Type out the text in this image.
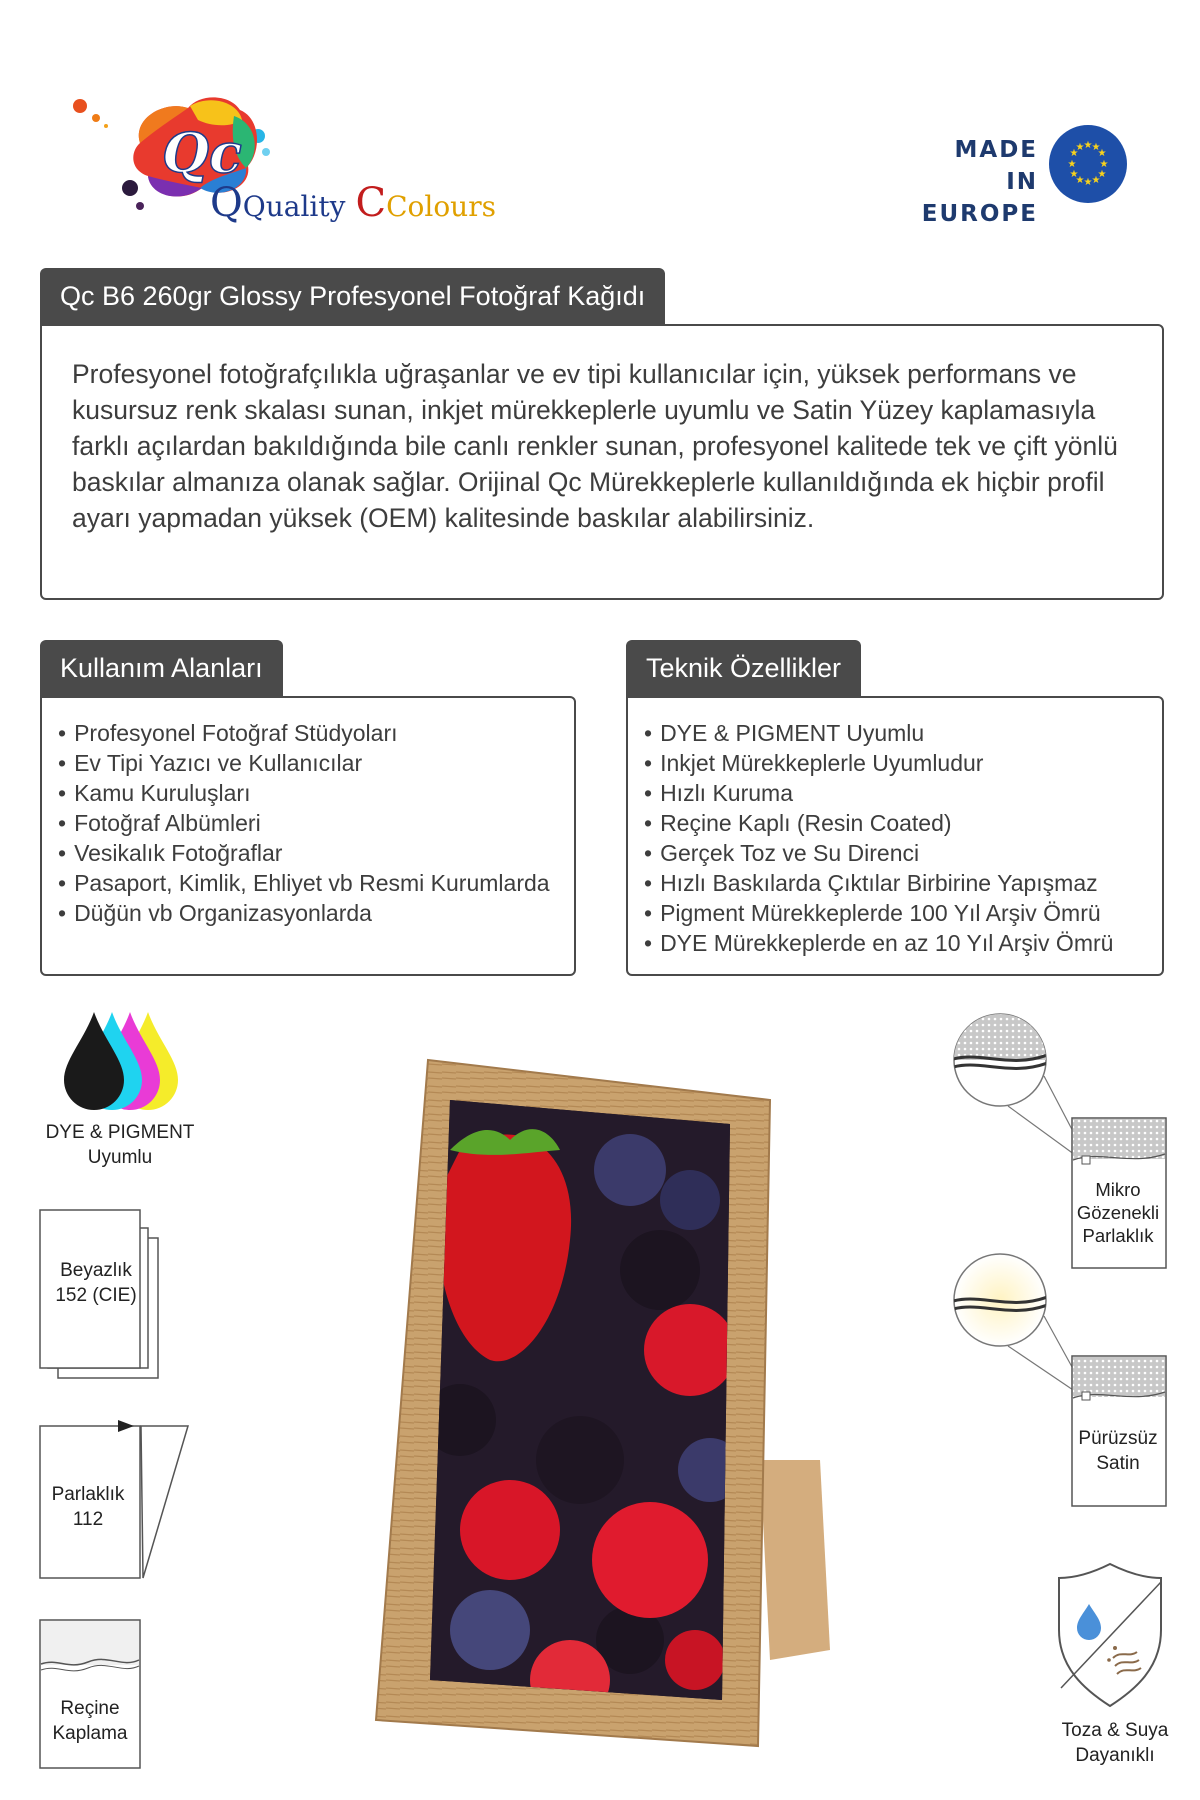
Qc
QQuality CColours
MADE IN
EUROPE
★ ★
★
★
★
★
★
★
★
★
★
★
Qc B6 260gr Glossy Profesyonel Fotoğraf Kağıdı

Profesyonel fotoğrafçılıkla uğraşanlar ve ev tipi kullanıcılar için, yüksek performans ve kusursuz renk skalası sunan, inkjet mürekkeplerle uyumlu ve Satin Yüzey kaplamasıyla farklı açılardan bakıldığında bile canlı renkler sunan, profesyonel kalitede tek ve çift yönlü baskılar almanıza olanak sağlar. Orijinal Qc Mürekkeplerle kullanıldığında ek hiçbir profil ayarı yapmadan yüksek (OEM) kalitesinde baskılar alabilirsiniz.

Kullanım Alanları
• Profesyonel Fotoğraf Stüdyoları
• Ev Tipi Yazıcı ve Kullanıcılar
• Kamu Kuruluşları
• Fotoğraf Albümleri
• Vesikalık Fotoğraflar
• Pasaport, Kimlik, Ehliyet vb Resmi Kurumlarda
• Düğün vb Organizasyonlarda
Teknik Özellikler
• DYE & PIGMENT Uyumlu
• Inkjet Mürekkeplerle Uyumludur
• Hızlı Kuruma
• Reçine Kaplı (Resin Coated)
• Gerçek Toz ve Su Direnci
• Hızlı Baskılarda Çıktılar Birbirine Yapışmaz
• Pigment Mürekkeplerde 100 Yıl Arşiv Ömrü
• DYE Mürekkeplerde en az 10 Yıl Arşiv Ömrü
DYE & PIGMENT
Uyumlu
Beyazlık
152 (CIE)
Parlaklık
112
Reçine
Kaplama
Mikro
Gözenekli
Parlaklık
Pürüzsüz
Satin
Toza & Suya
Dayanıklı
